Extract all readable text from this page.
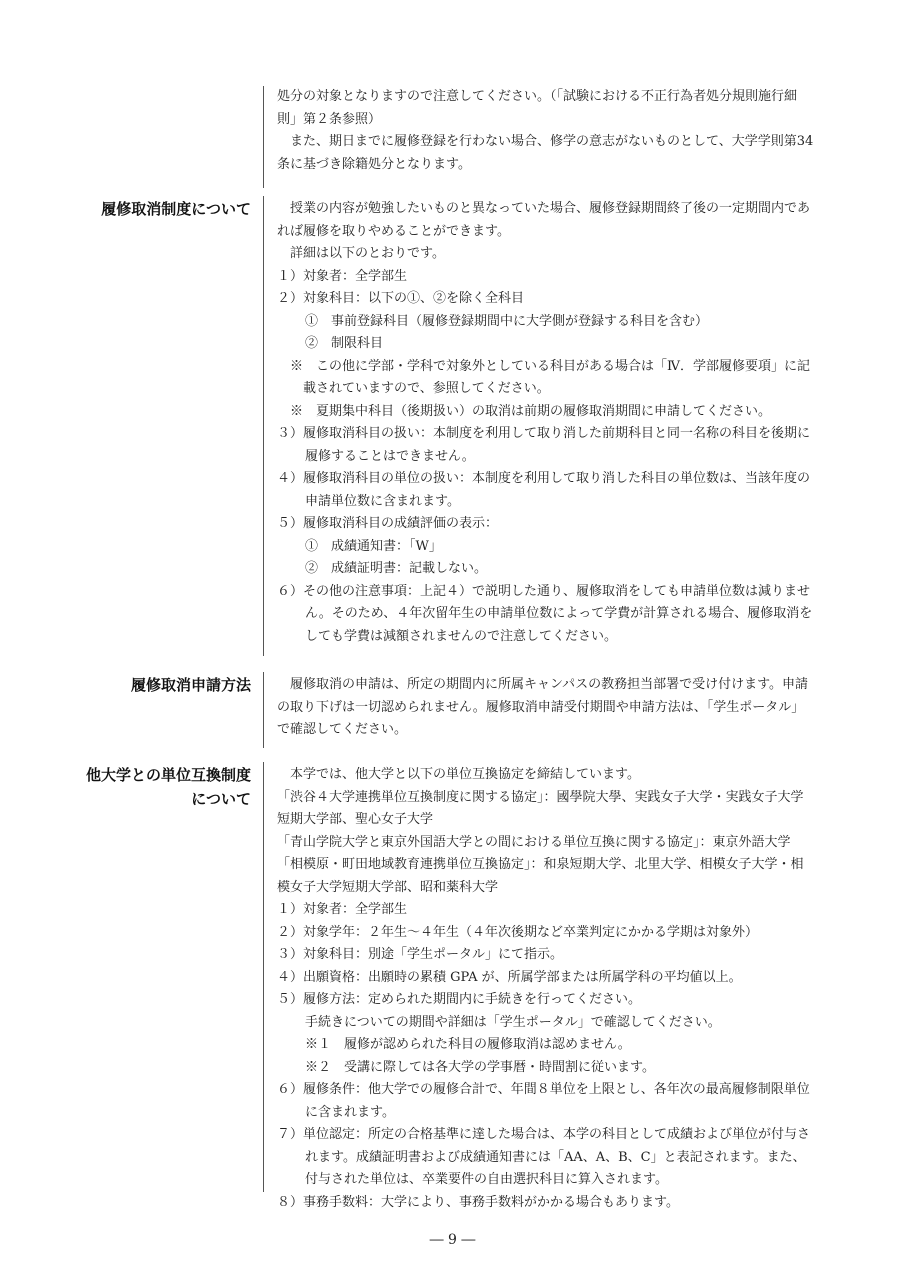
処分の対象となりますので注意してください。（「試験における不正行為者処分規則施行細
則」第２条参照）
　また、期日までに履修登録を行わない場合、修学の意志がないものとして、大学学則第34
条に基づき除籍処分となります。
履修取消制度について 　授業の内容が勉強したいものと異なっていた場合、履修登録期間終了後の一定期間内であ
れば履修を取りやめることができます。
　詳細は以下のとおりです。
１）対象者：全学部生
２）対象科目：以下の①、②を除く全科目
①　事前登録科目（履修登録期間中に大学側が登録する科目を含む）
②　制限科目
※　この他に学部・学科で対象外としている科目がある場合は「Ⅳ．学部履修要項」に記
載されていますので、参照してください。
※　夏期集中科目（後期扱い）の取消は前期の履修取消期間に申請してください。
３）履修取消科目の扱い：本制度を利用して取り消した前期科目と同一名称の科目を後期に
履修することはできません。
４）履修取消科目の単位の扱い：本制度を利用して取り消した科目の単位数は、当該年度の
申請単位数に含まれます。
５）履修取消科目の成績評価の表示：
①　成績通知書：「W」
②　成績証明書：記載しない。
６）その他の注意事項：上記４）で説明した通り、履修取消をしても申請単位数は減りませ
ん。そのため、４年次留年生の申請単位数によって学費が計算される場合、履修取消を
しても学費は減額されませんので注意してください。
履修取消申請方法 　履修取消の申請は、所定の期間内に所属キャンパスの教務担当部署で受け付けます。申請
の取り下げは一切認められません。履修取消申請受付期間や申請方法は、「学生ポータル」
で確認してください。
他大学との単位互換制度
について
　本学では、他大学と以下の単位互換協定を締結しています。
「渋谷４大学連携単位互換制度に関する協定」：國學院大學、実践女子大学・実践女子大学
短期大学部、聖心女子大学
「青山学院大学と東京外国語大学との間における単位互換に関する協定」：東京外語大学
「相模原・町田地域教育連携単位互換協定」：和泉短期大学、北里大学、相模女子大学・相
模女子大学短期大学部、昭和薬科大学
１）対象者：全学部生
２）対象学年：２年生～４年生（４年次後期など卒業判定にかかる学期は対象外）
３）対象科目：別途「学生ポータル」にて指示。
４）出願資格：出願時の累積 GPA が、所属学部または所属学科の平均値以上。
５）履修方法：定められた期間内に手続きを行ってください。
手続きについての期間や詳細は「学生ポータル」で確認してください。
※１　履修が認められた科目の履修取消は認めません。
※２　受講に際しては各大学の学事暦・時間割に従います。
６）履修条件：他大学での履修合計で、年間８単位を上限とし、各年次の最高履修制限単位
に含まれます。
７）単位認定：所定の合格基準に達した場合は、本学の科目として成績および単位が付与さ
れます。成績証明書および成績通知書には「AA、A、B、C」と表記されます。また、
付与された単位は、卒業要件の自由選択科目に算入されます。
８）事務手数料：大学により、事務手数料がかかる場合もあります。
― 9 ―
